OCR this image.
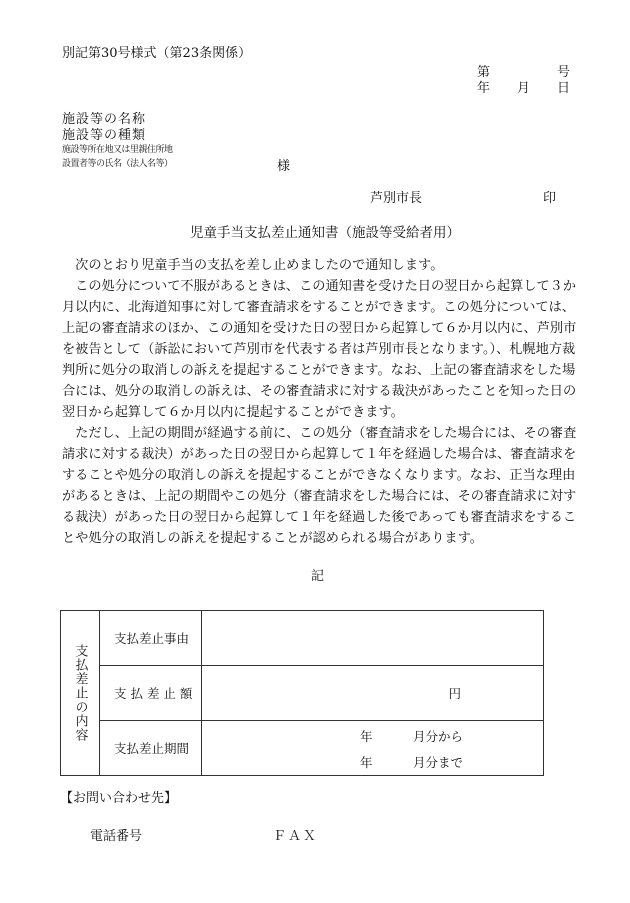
別記第30号様式（第23条関係）
第	号
年 月 日
施設等の名称
施設等の種類
施設等所在地又は里親住所地
設置者等の氏名（法人名等）	様
芦別市長	印
児童手当支払差止通知書（施設等受給者用）
　次のとおり児童手当の支払を差し止めましたので通知します。
　この処分について不服があるときは、この通知書を受けた日の翌日から起算して３か
月以内に、北海道知事に対して審査請求をすることができます。この処分については、
上記の審査請求のほか、この通知を受けた日の翌日から起算して６か月以内に、芦別市
を被告として（訴訟において芦別市を代表する者は芦別市長となります。）、札幌地方裁
判所に処分の取消しの訴えを提起することができます。なお、上記の審査請求をした場
合には、処分の取消しの訴えは、その審査請求に対する裁決があったことを知った日の
翌日から起算して６か月以内に提起することができます。
　ただし、上記の期間が経過する前に、この処分（審査請求をした場合には、その審査
請求に対する裁決）があった日の翌日から起算して１年を経過した場合は、審査請求を
することや処分の取消しの訴えを提起することができなくなります。なお、正当な理由
があるときは、上記の期間やこの処分（審査請求をした場合には、その審査請求に対す
る裁決）があった日の翌日から起算して１年を経過した後であっても審査請求をするこ
とや処分の取消しの訴えを提起することが認められる場合があります。
記
支払差止の内容	支払差止事由	
	支 払 差 止 額	円
	支払差止期間	年 月分から
年 月分まで
【お問い合わせ先】
電話番号	ＦＡＸ
